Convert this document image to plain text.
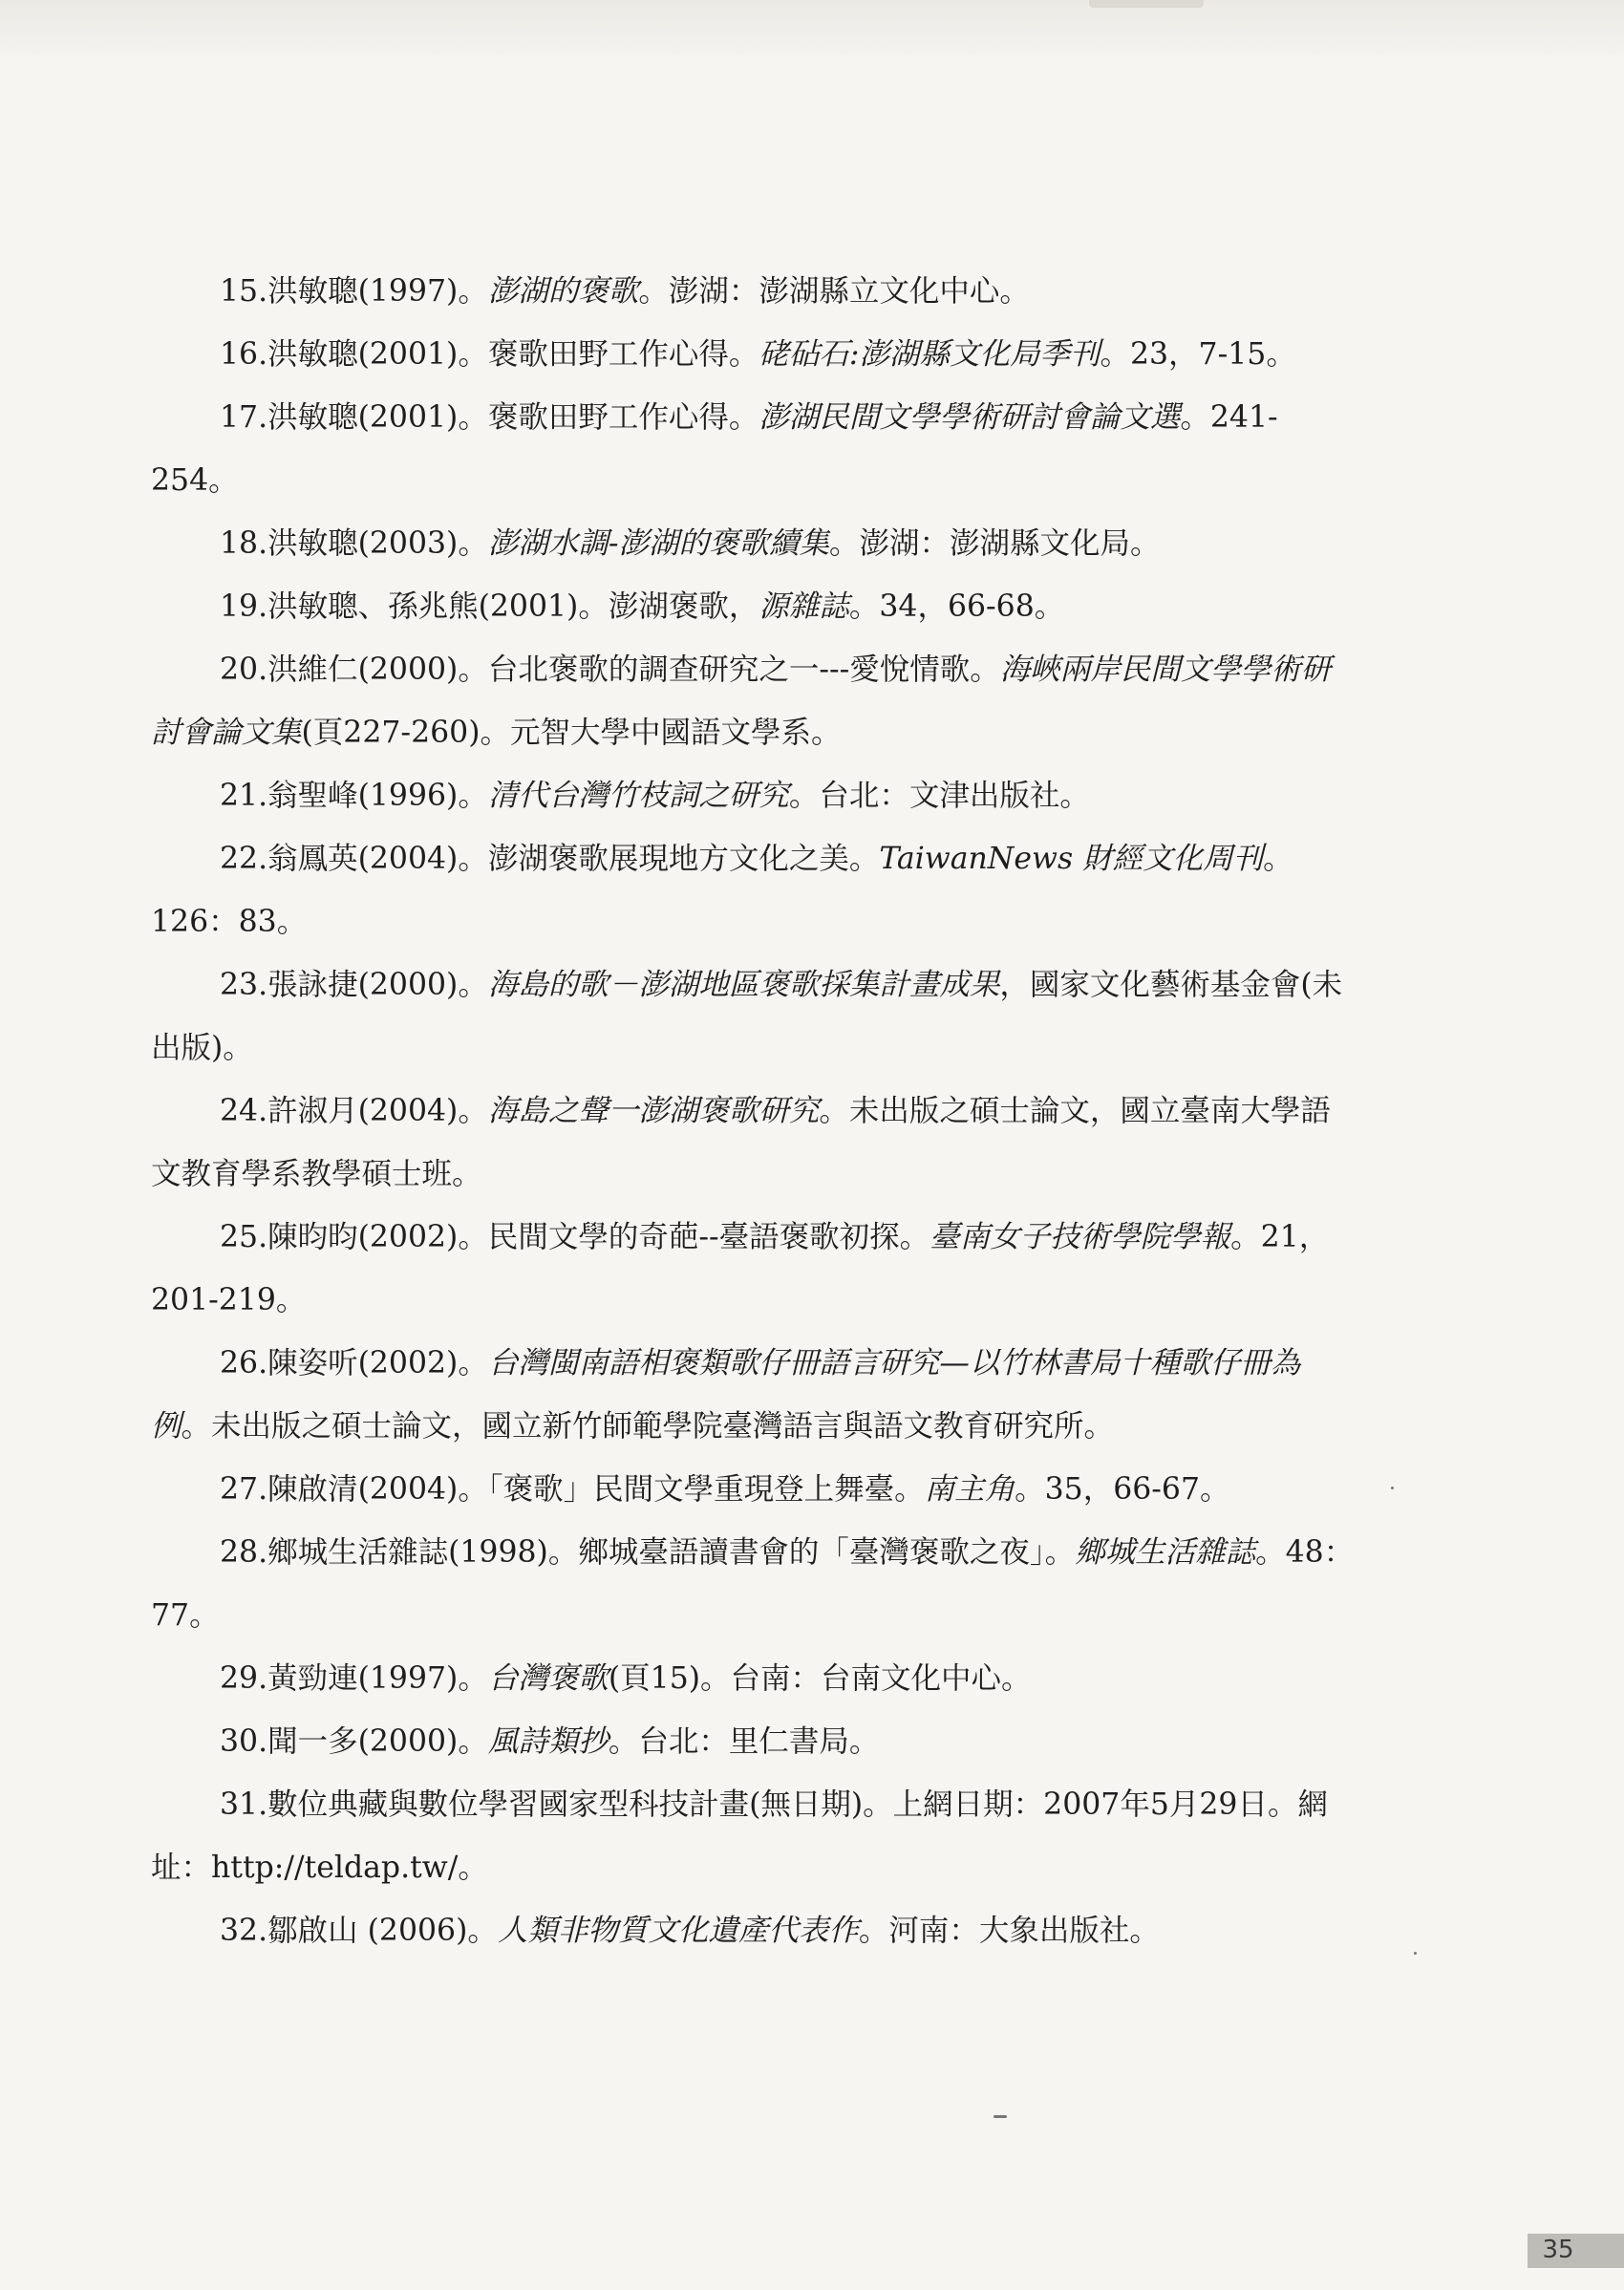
15.洪敏聰(1997)。澎湖的褒歌。澎湖：澎湖縣立文化中心。

16.洪敏聰(2001)。褒歌田野工作心得。硓砧石:澎湖縣文化局季刊。23，7-15。

17.洪敏聰(2001)。褒歌田野工作心得。澎湖民間文學學術研討會論文選。241-254。

18.洪敏聰(2003)。澎湖水調-澎湖的褒歌續集。澎湖：澎湖縣文化局。

19.洪敏聰、孫兆熊(2001)。澎湖褒歌，源雜誌。34，66-68。

20.洪維仁(2000)。台北褒歌的調查研究之一---愛悅情歌。海峽兩岸民間文學學術研討會論文集(頁227-260)。元智大學中國語文學系。

21.翁聖峰(1996)。清代台灣竹枝詞之研究。台北：文津出版社。

22.翁鳳英(2004)。澎湖褒歌展現地方文化之美。TaiwanNews 財經文化周刊。126：83。

23.張詠捷(2000)。海島的歌－澎湖地區褒歌採集計畫成果，國家文化藝術基金會(未出版)。

24.許淑月(2004)。海島之聲一澎湖褒歌研究。未出版之碩士論文，國立臺南大學語文教育學系教學碩士班。

25.陳昀昀(2002)。民間文學的奇葩--臺語褒歌初探。臺南女子技術學院學報。21，201-219。

26.陳姿听(2002)。台灣閩南語相褒類歌仔冊語言研究—以竹林書局十種歌仔冊為例。未出版之碩士論文，國立新竹師範學院臺灣語言與語文教育研究所。

27.陳啟清(2004)。「褒歌」民間文學重現登上舞臺。南主角。35，66-67。

28.鄉城生活雜誌(1998)。鄉城臺語讀書會的「臺灣褒歌之夜」。鄉城生活雜誌。48：77。

29.黃勁連(1997)。台灣褒歌(頁15)。台南：台南文化中心。

30.聞一多(2000)。風詩類抄。台北：里仁書局。

31.數位典藏與數位學習國家型科技計畫(無日期)。上網日期：2007年5月29日。網址：http://teldap.tw/。

32.鄒啟山 (2006)。人類非物質文化遺產代表作。河南：大象出版社。

35
